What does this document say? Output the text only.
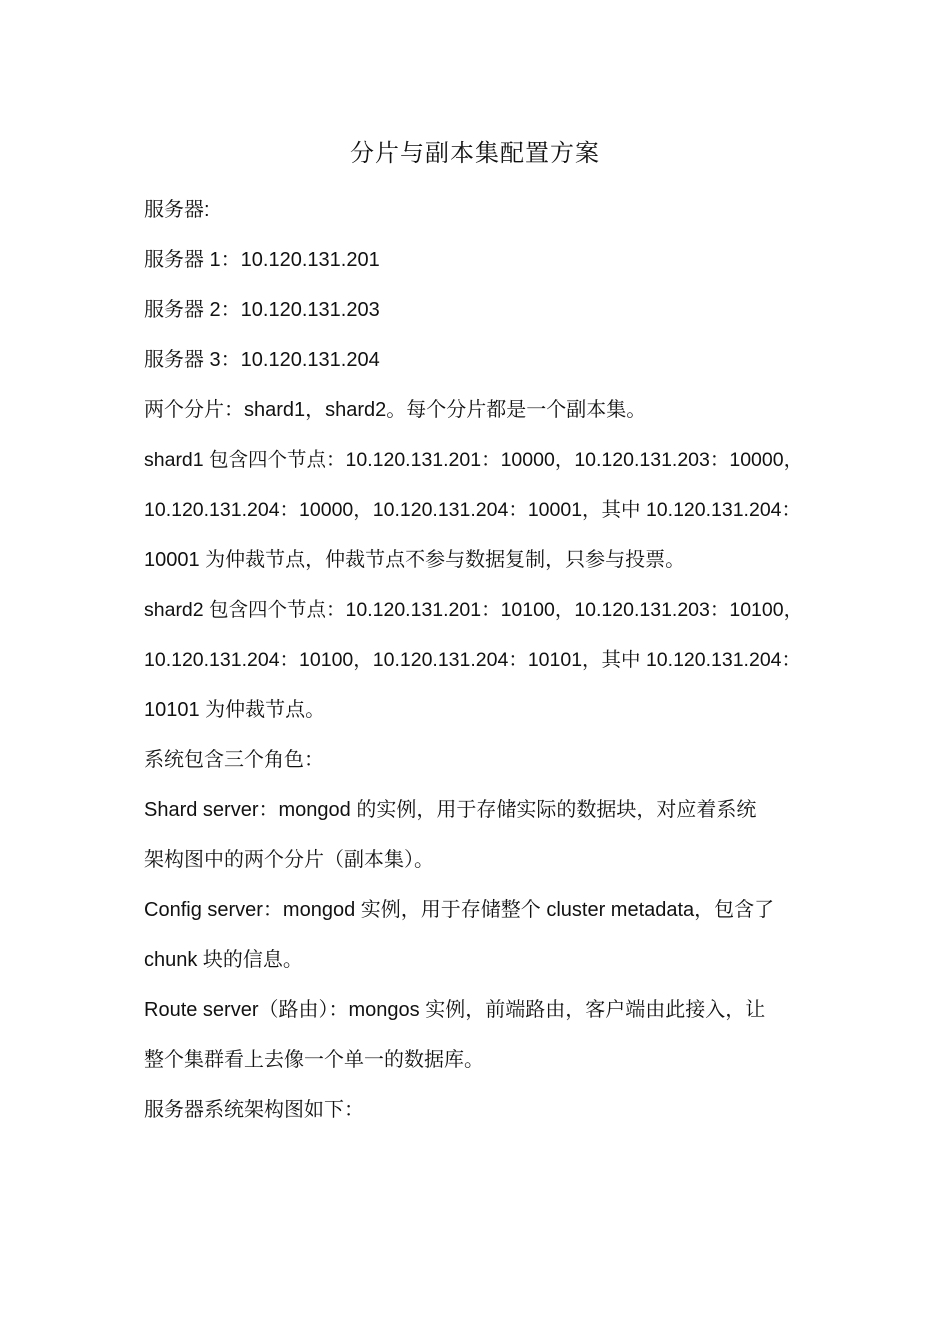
分片与副本集配置方案
服务器:
服务器 1：10.120.131.201
服务器 2：10.120.131.203
服务器 3：10.120.131.204
两个分片：shard1，shard2。每个分片都是一个副本集。
shard1 包含四个节点：10.120.131.201：10000，10.120.131.203：10000，
10.120.131.204：10000，10.120.131.204：10001，其中 10.120.131.204：
10001 为仲裁节点，仲裁节点不参与数据复制，只参与投票。
shard2 包含四个节点：10.120.131.201：10100，10.120.131.203：10100，
10.120.131.204：10100，10.120.131.204：10101，其中 10.120.131.204：
10101 为仲裁节点。
系统包含三个角色：
Shard server：mongod 的实例，用于存储实际的数据块，对应着系统
架构图中的两个分片（副本集）。
Config server：mongod 实例，用于存储整个 cluster metadata，包含了
chunk 块的信息。
Route server（路由）：mongos 实例，前端路由，客户端由此接入，让
整个集群看上去像一个单一的数据库。
服务器系统架构图如下：
